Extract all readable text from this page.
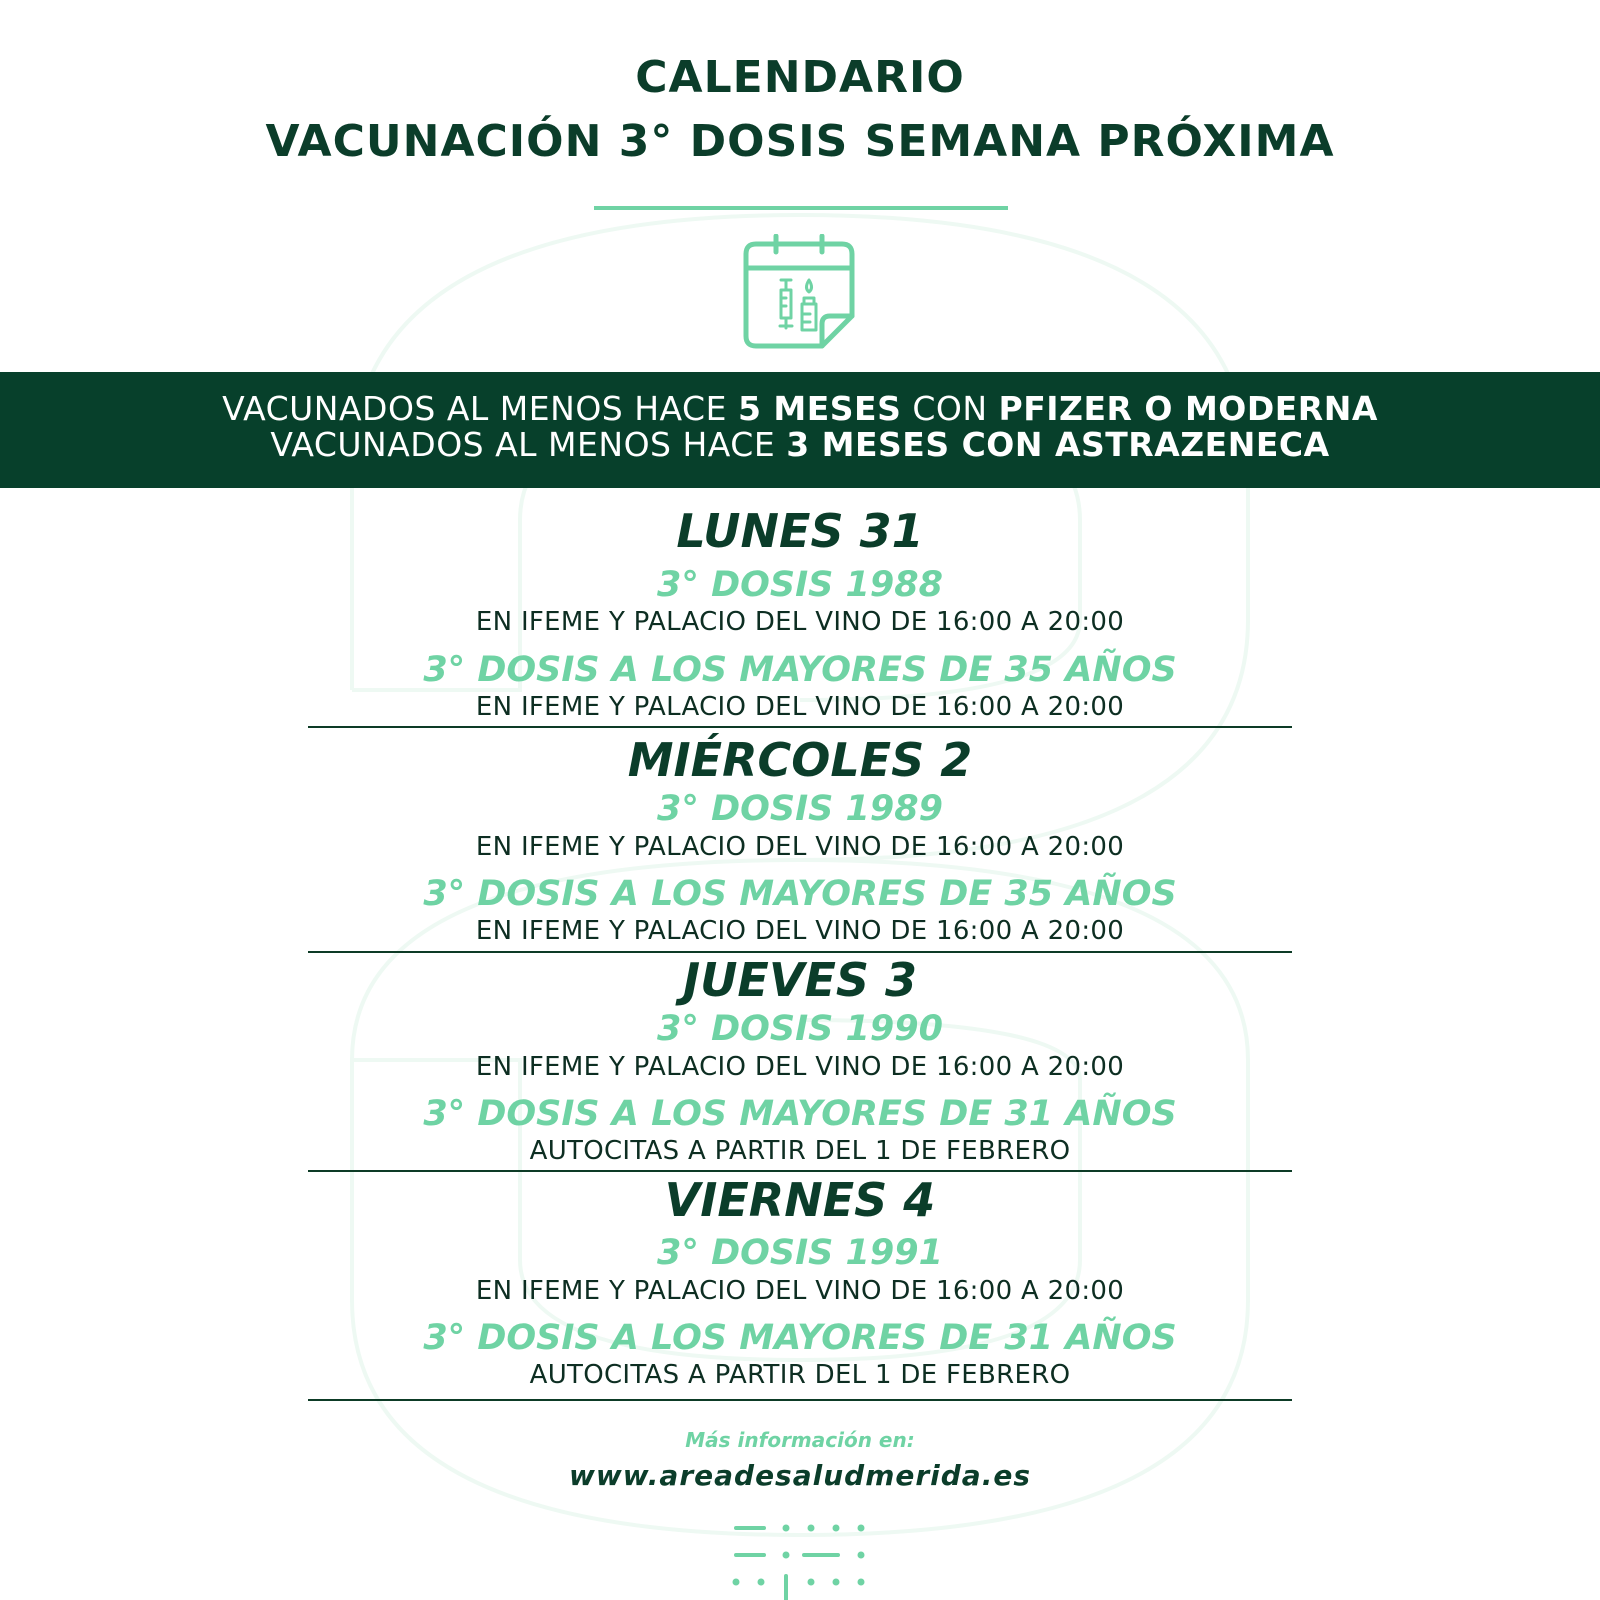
CALENDARIO
VACUNACIÓN 3° DOSIS SEMANA PRÓXIMA
VACUNADOS AL MENOS HACE 5 MESES CON PFIZER O MODERNA
VACUNADOS AL MENOS HACE 3 MESES CON ASTRAZENECA
LUNES 31
3° DOSIS 1988
EN IFEME Y PALACIO DEL VINO DE 16:00 A 20:00
3° DOSIS A LOS MAYORES DE 35 AÑOS
EN IFEME Y PALACIO DEL VINO DE 16:00 A 20:00
MIÉRCOLES 2
3° DOSIS 1989
EN IFEME Y PALACIO DEL VINO DE 16:00 A 20:00
3° DOSIS A LOS MAYORES DE 35 AÑOS
EN IFEME Y PALACIO DEL VINO DE 16:00 A 20:00
JUEVES 3
3° DOSIS 1990
EN IFEME Y PALACIO DEL VINO DE 16:00 A 20:00
3° DOSIS A LOS MAYORES DE 31 AÑOS
AUTOCITAS A PARTIR DEL 1 DE FEBRERO
VIERNES 4
3° DOSIS 1991
EN IFEME Y PALACIO DEL VINO DE 16:00 A 20:00
3° DOSIS A LOS MAYORES DE 31 AÑOS
AUTOCITAS A PARTIR DEL 1 DE FEBRERO
Más información en:
www.areadesaludmerida.es
